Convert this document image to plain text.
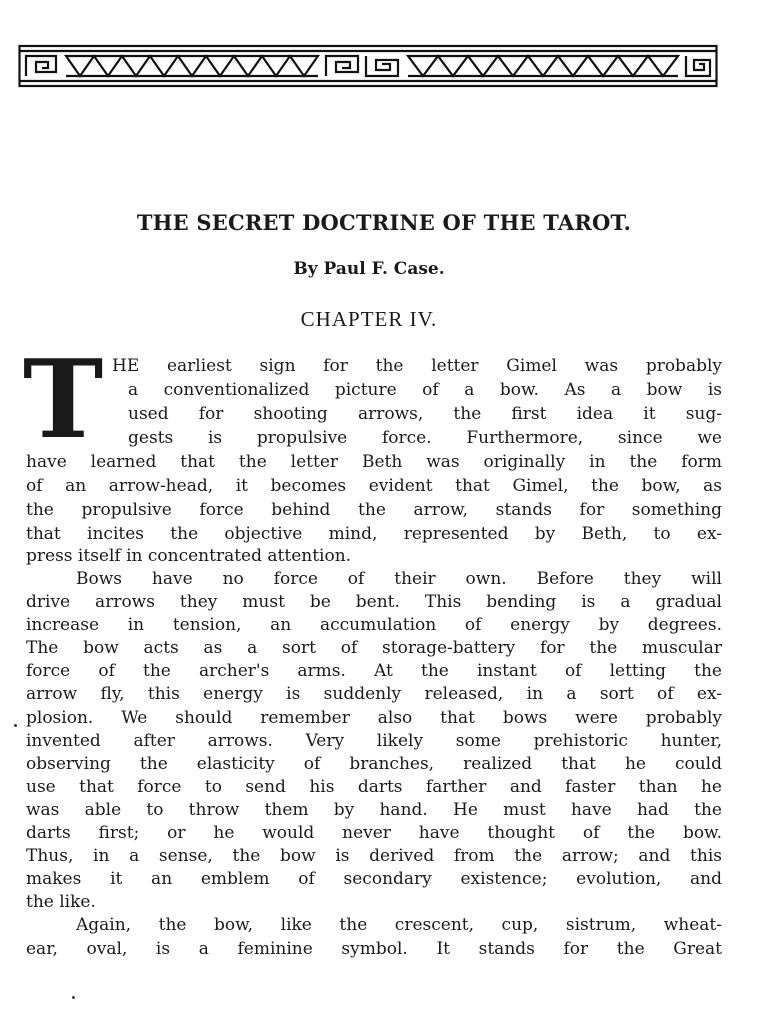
THE SECRET DOCTRINE OF THE TAROT.

By Paul F. Case.

CHAPTER IV.

T HE earliest sign for the letter Gimel was probably
a conventionalized picture of a bow. As a bow is
used for shooting arrows, the first idea it sug-
gests is propulsive force. Furthermore, since we
have learned that the letter Beth was originally in the form
of an arrow-head, it becomes evident that Gimel, the bow, as
the propulsive force behind the arrow, stands for something
that incites the objective mind, represented by Beth, to ex-
press itself in concentrated attention.
Bows have no force of their own. Before they will
drive arrows they must be bent. This bending is a gradual
increase in tension, an accumulation of energy by degrees.
The bow acts as a sort of storage-battery for the muscular
force of the archer's arms. At the instant of letting the
arrow fly, this energy is suddenly released, in a sort of ex-
plosion. We should remember also that bows were probably
invented after arrows. Very likely some prehistoric hunter,
observing the elasticity of branches, realized that he could
use that force to send his darts farther and faster than he
was able to throw them by hand. He must have had the
darts first; or he would never have thought of the bow.
Thus, in a sense, the bow is derived from the arrow; and this
makes it an emblem of secondary existence; evolution, and
the like.
Again, the bow, like the crescent, cup, sistrum, wheat-
ear, oval, is a feminine symbol. It stands for the Great
